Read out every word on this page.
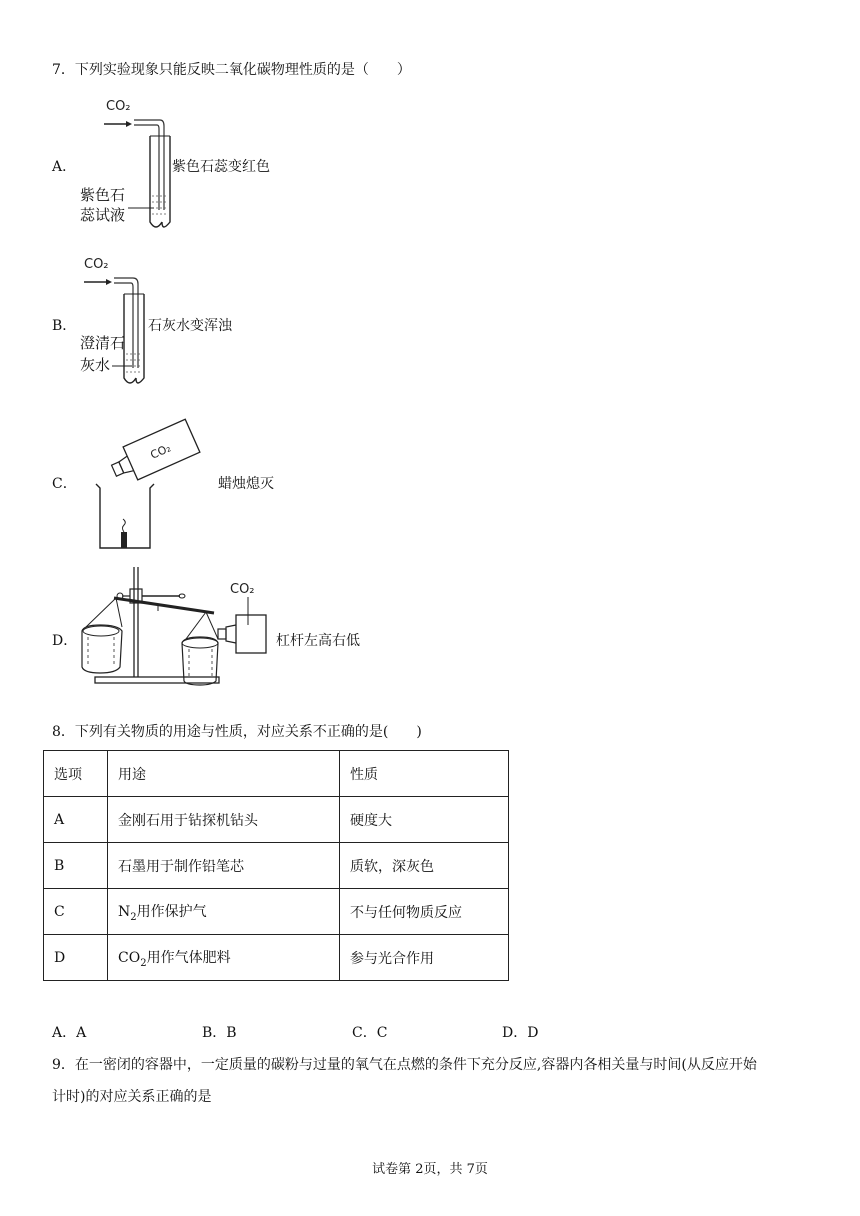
7．下列实验现象只能反映二氧化碳物理性质的是（　　）
A．
CO₂
紫色石
蕊试液
紫色石蕊变红色
B．
CO₂
澄清石
灰水
石灰水变浑浊
C．
CO₂
蜡烛熄灭
D．
CO₂
杠杆左高右低
8．下列有关物质的用途与性质，对应关系不正确的是(　　)
选项	用途	性质
A	金刚石用于钻探机钻头	硬度大
B	石墨用于制作铅笔芯	质软，深灰色
C	$N_2$用作保护气	不与任何物质反应
D	$CO_2$用作气体肥料	参与光合作用
A．A	B．B	C．C	D．D
9．在一密闭的容器中，一定质量的碳粉与过量的氧气在点燃的条件下充分反应,容器内各相关量与时间(从反应开始
计时)的对应关系正确的是
试卷第 2页，共 7页
